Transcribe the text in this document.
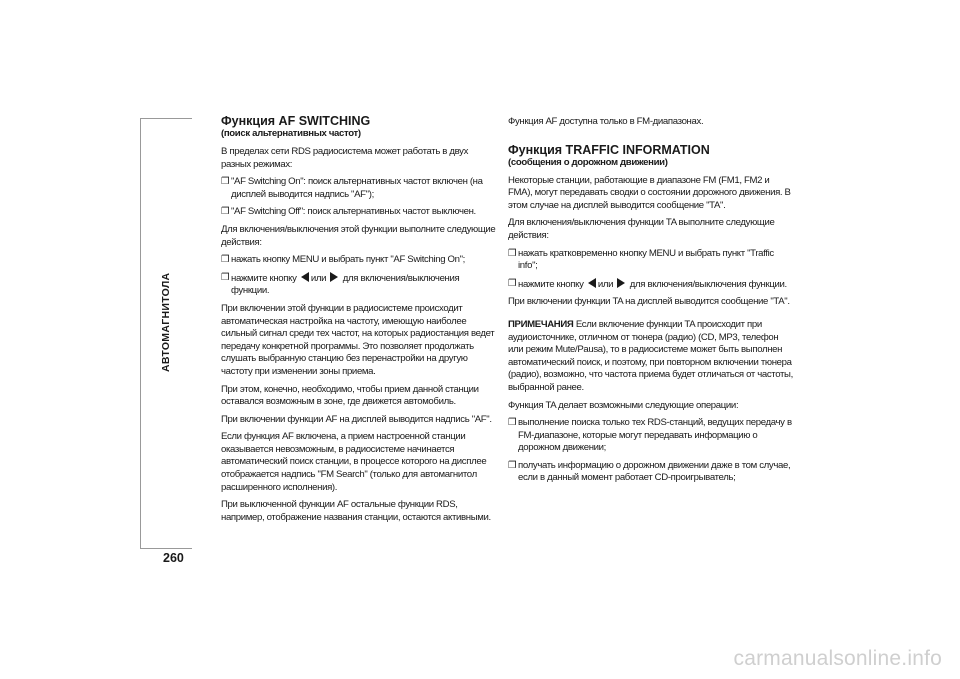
АВТОМАГНИТОЛА
260
Функция AF SWITCHING
(поиск альтернативных частот)
В пределах сети RDS радиосистема может работать в двух разных режимах:
❒ "AF Switching On": поиск альтернативных частот включен (на дисплей выводится надпись "AF");
❒ "AF Switching Off": поиск альтернативных частот выключен.
Для включения/выключения этой функции выполните следующие действия:
❒ нажать кнопку MENU и выбрать пункт "AF Switching On";
❒ нажмите кнопку или для включения/выключения функции.
При включении этой функции в радиосистеме происходит автоматическая настройка на частоту, имеющую наиболее сильный сигнал среди тех частот, на которых радиостанция ведет передачу конкретной программы. Это позволяет продолжать слушать выбранную станцию без перенастройки на другую частоту при изменении зоны приема.
При этом, конечно, необходимо, чтобы прием данной станции оставался возможным в зоне, где движется автомобиль.
При включении функции AF на дисплей выводится надпись "AF".
Если функция AF включена, а прием настроенной станции оказывается невозможным, в радиосистеме начинается автоматический поиск станции, в процессе которого на дисплее отображается надпись "FM Search" (только для автомагнитол расширенного исполнения).
При выключенной функции AF остальные функции RDS, например, отображение названия станции, остаются активными.
Функция AF доступна только в FM-диапазонах.
Функция TRAFFIC INFORMATION
(сообщения о дорожном движении)
Некоторые станции, работающие в диапазоне FM (FM1, FM2 и FMA), могут передавать сводки о состоянии дорожного движения. В этом случае на дисплей выводится сообщение "TA".
Для включения/выключения функции TA выполните следующие действия:
❒ нажать кратковременно кнопку MENU и выбрать пункт "Traffic info";
❒ нажмите кнопку или для включения/выключения функции.
При включении функции TA на дисплей выводится сообщение "TA".
ПРИМЕЧАНИЯ Если включение функции TA происходит при аудиоисточнике, отличном от тюнера (радио) (CD, MP3, телефон или режим Mute/Pausa), то в радиосистеме может быть выполнен автоматический поиск, и поэтому, при повторном включении тюнера (радио), возможно, что частота приема будет отличаться от частоты, выбранной ранее.
Функция TA делает возможными следующие операции:
❒ выполнение поиска только тех RDS-станций, ведущих передачу в FM-диапазоне, которые могут передавать информацию о дорожном движении;
❒ получать информацию о дорожном движении даже в том случае, если в данный момент работает CD-проигрыватель;
carmanualsonline.info
